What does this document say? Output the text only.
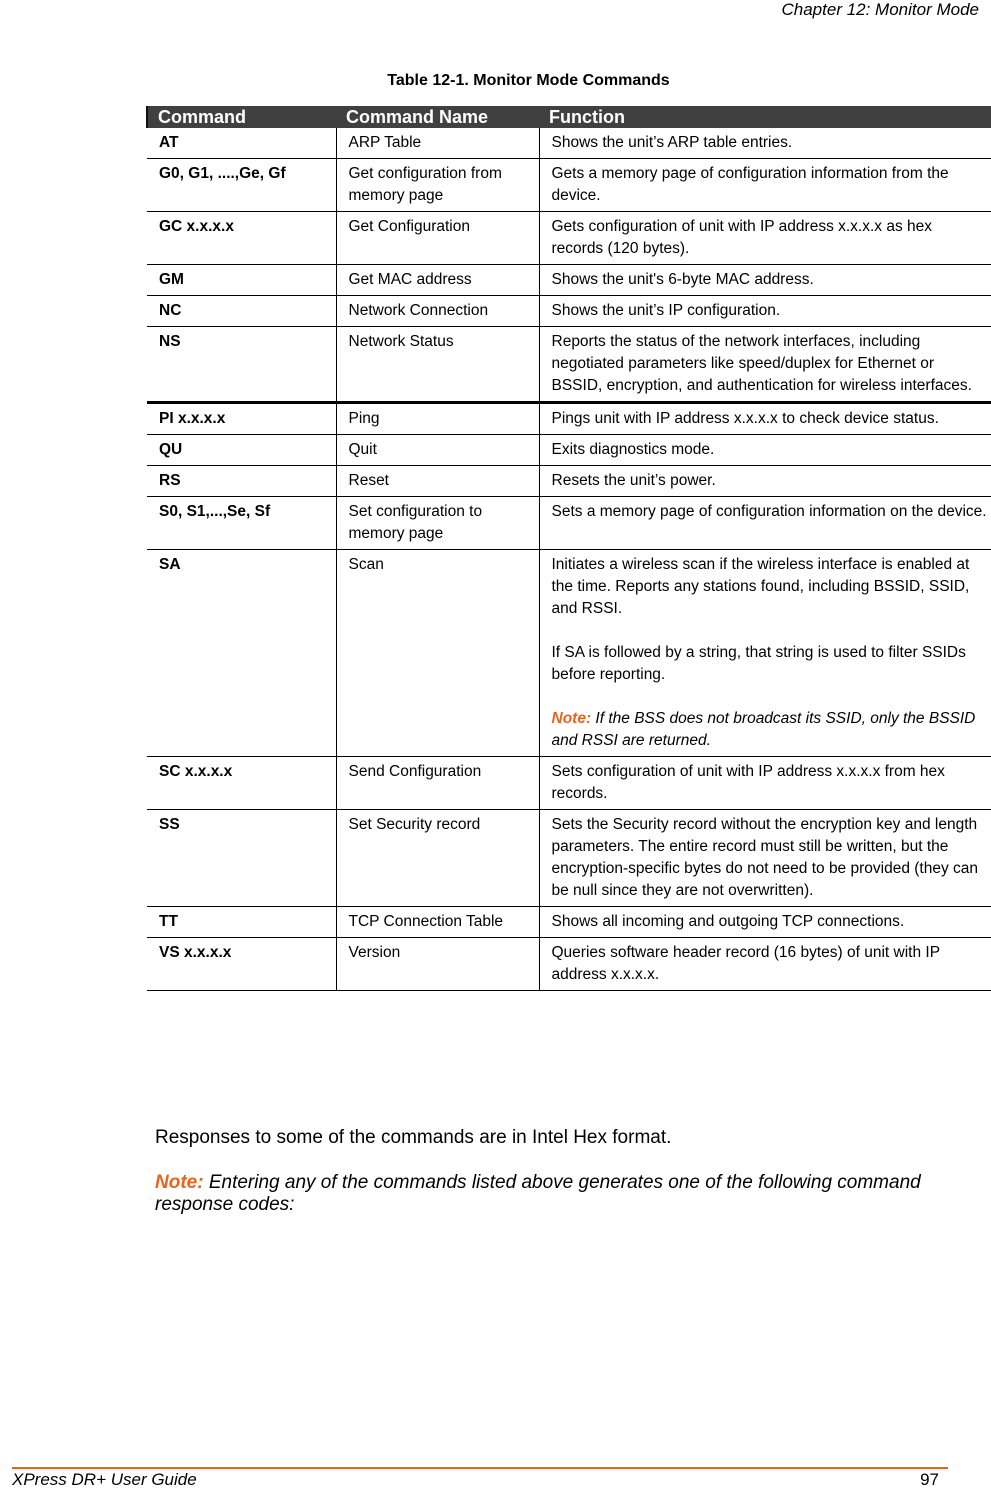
Chapter 12: Monitor Mode
Table 12-1. Monitor Mode Commands
Command	Command Name	Function
AT	ARP Table	Shows the unit’s ARP table entries.

G0, G1, ....,Ge, Gf	Get configuration from memory page	Gets a memory page of configuration information from the device.

GC x.x.x.x	Get Configuration	Gets configuration of unit with IP address x.x.x.x as hex records (120 bytes).

GM	Get MAC address	Shows the unit's 6-byte MAC address.

NC	Network Connection	Shows the unit’s IP configuration.

NS	Network Status	Reports the status of the network interfaces, including negotiated parameters like speed/duplex for Ethernet or BSSID, encryption, and authentication for wireless interfaces.

PI x.x.x.x	Ping	Pings unit with IP address x.x.x.x to check device status.

QU	Quit	Exits diagnostics mode.

RS	Reset	Resets the unit’s power.

S0, S1,...,Se, Sf	Set configuration to memory page	Sets a memory page of configuration information on the device.

SA	Scan	Initiates a wireless scan if the wireless interface is enabled at the time. Reports any stations found, including BSSID, SSID, and RSSI.
If SA is followed by a string, that string is used to filter SSIDs before reporting.
Note: If the BSS does not broadcast its SSID, only the BSSID and RSSI are returned.

SC x.x.x.x	Send Configuration	Sets configuration of unit with IP address x.x.x.x from hex records.

SS	Set Security record	Sets the Security record without the encryption key and length parameters. The entire record must still be written, but the encryption-specific bytes do not need to be provided (they can be null since they are not overwritten).

TT	TCP Connection Table	Shows all incoming and outgoing TCP connections.

VS x.x.x.x	Version	Queries software header record (16 bytes) of unit with IP address x.x.x.x.
Responses to some of the commands are in Intel Hex format.
Note: Entering any of the commands listed above generates one of the following command response codes:
XPress DR+ User Guide	97
